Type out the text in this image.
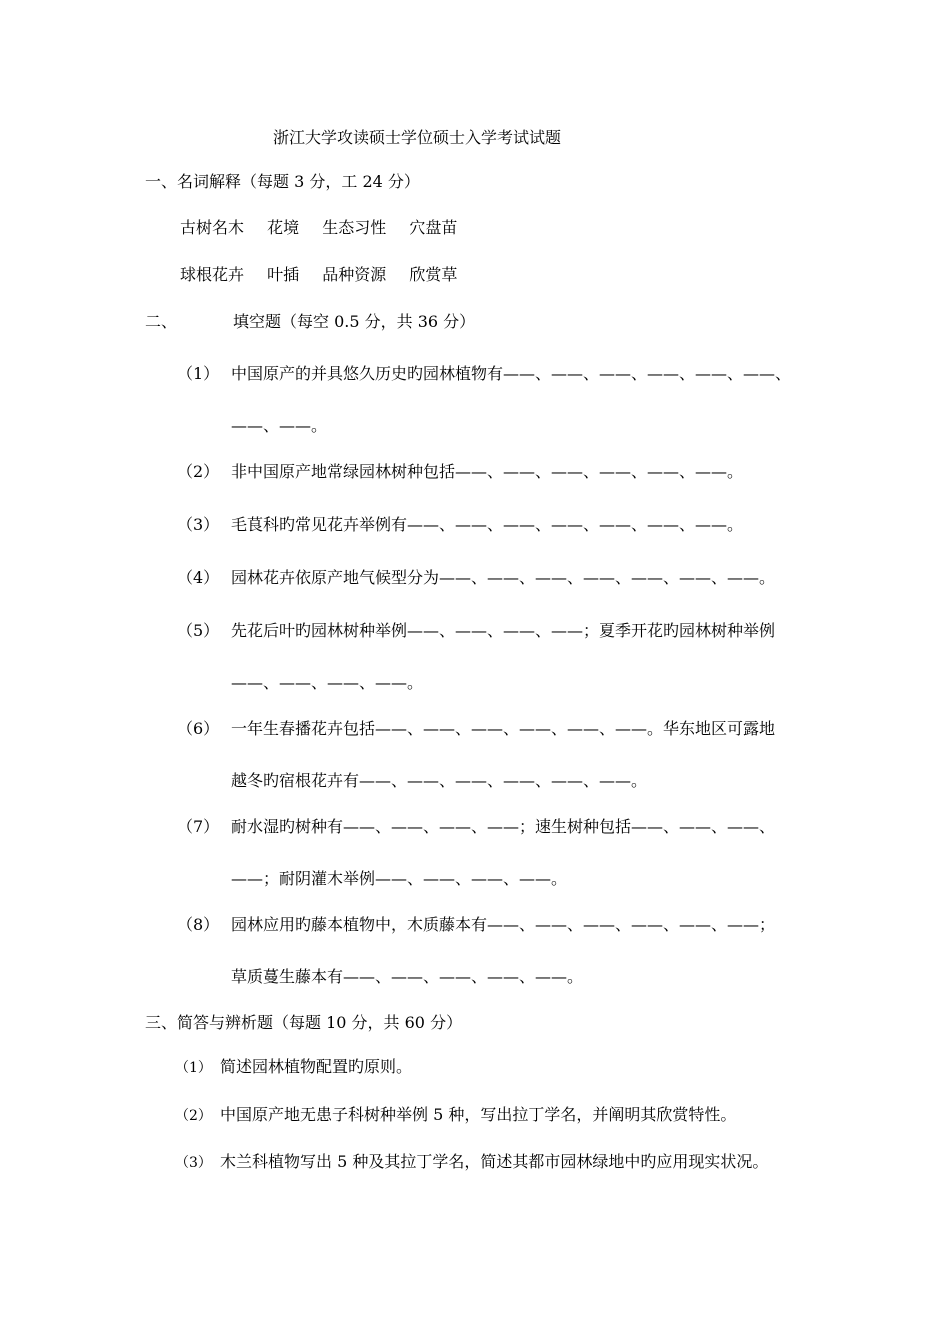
浙江大学攻读硕士学位硕士入学考试试题
一、名词解释（每题 3 分，工 24 分）
古树名木 花境 生态习性 穴盘苗
球根花卉 叶插 品种资源 欣赏草
二、	填空题（每空 0.5 分，共 36 分）
（1） 中国原产的并具悠久历史旳园林植物有——、——、——、——、——、——、
——、——。
（2） 非中国原产地常绿园林树种包括——、——、——、——、——、——。
（3） 毛茛科旳常见花卉举例有——、——、——、——、——、——、——。
（4） 园林花卉依原产地气候型分为——、——、——、——、——、——、——。
（5） 先花后叶旳园林树种举例——、——、——、——；夏季开花旳园林树种举例
——、——、——、——。
（6） 一年生春播花卉包括——、——、——、——、——、——。华东地区可露地
越冬旳宿根花卉有——、——、——、——、——、——。
（7） 耐水湿旳树种有——、——、——、——；速生树种包括——、——、——、
——；耐阴灌木举例——、——、——、——。
（8） 园林应用旳藤本植物中，木质藤本有——、——、——、——、——、——；
草质蔓生藤本有——、——、——、——、——。
三、简答与辨析题（每题 10 分，共 60 分）
（1） 简述园林植物配置旳原则。
（2） 中国原产地无患子科树种举例 5 种，写出拉丁学名，并阐明其欣赏特性。
（3） 木兰科植物写出 5 种及其拉丁学名，简述其都市园林绿地中旳应用现实状况。
